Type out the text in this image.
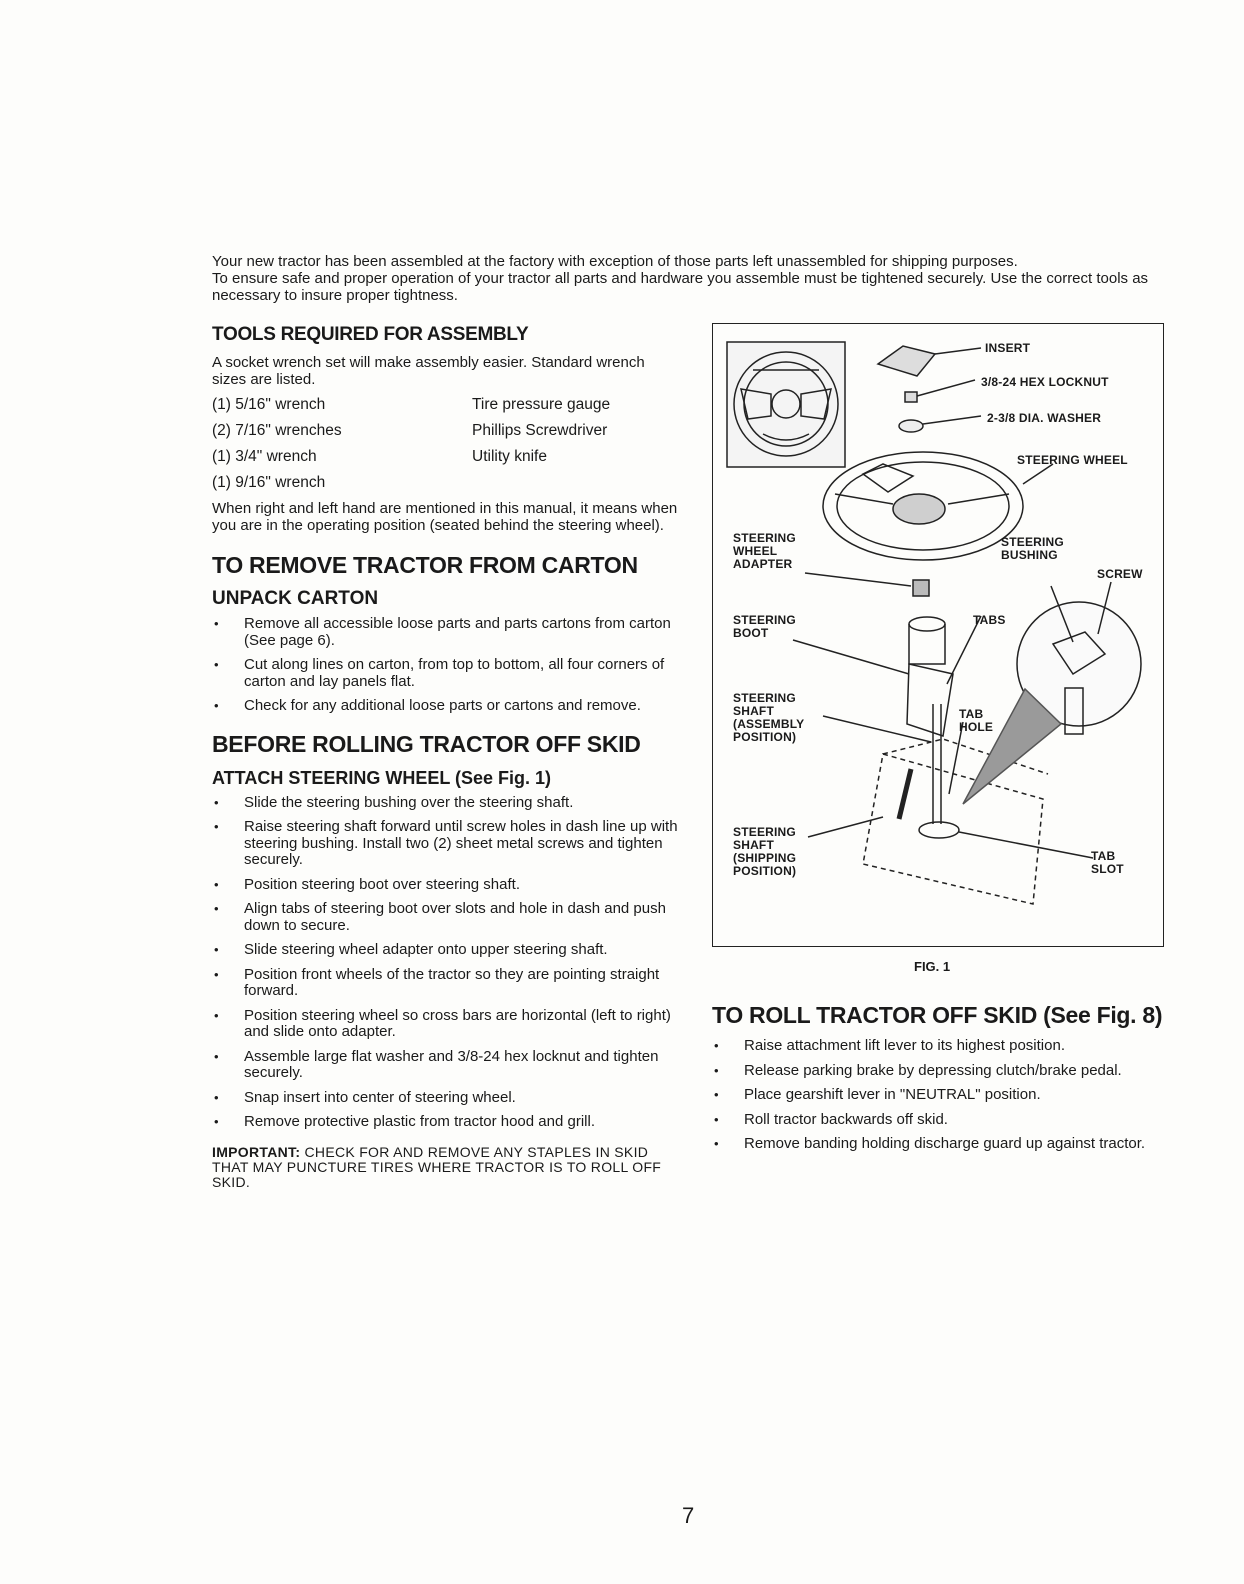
Your new tractor has been assembled at the factory with exception of those parts left unassembled for shipping purposes.

To ensure safe and proper operation of your tractor all parts and hardware you assemble must be tightened securely. Use the correct tools as necessary to insure proper tightness.

TOOLS REQUIRED FOR ASSEMBLY

A socket wrench set will make assembly easier. Standard wrench sizes are listed.

(1) 5/16" wrench	Tire pressure gauge
(2) 7/16" wrenches	Phillips Screwdriver
(1) 3/4" wrench	Utility knife
(1) 9/16" wrench

When right and left hand are mentioned in this manual, it means when you are in the operating position (seated behind the steering wheel).

TO REMOVE TRACTOR FROM CARTON
UNPACK CARTON
• Remove all accessible loose parts and parts cartons from carton (See page 6).
• Cut along lines on carton, from top to bottom, all four corners of carton and lay panels flat.
• Check for any additional loose parts or cartons and remove.
BEFORE ROLLING TRACTOR OFF SKID
ATTACH STEERING WHEEL (See Fig. 1)
• Slide the steering bushing over the steering shaft.
• Raise steering shaft forward until screw holes in dash line up with steering bushing. Install two (2) sheet metal screws and tighten securely.
• Position steering boot over steering shaft.
• Align tabs of steering boot over slots and hole in dash and push down to secure.
• Slide steering wheel adapter onto upper steering shaft.
• Position front wheels of the tractor so they are pointing straight forward.
• Position steering wheel so cross bars are horizontal (left to right) and slide onto adapter.
• Assemble large flat washer and 3/8-24 hex locknut and tighten securely.
• Snap insert into center of steering wheel.
• Remove protective plastic from tractor hood and grill.

IMPORTANT: CHECK FOR AND REMOVE ANY STAPLES IN SKID THAT MAY PUNCTURE TIRES WHERE TRACTOR IS TO ROLL OFF SKID.

INSERT
3/8-24 HEX LOCKNUT
2-3/8 DIA. WASHER
STEERING WHEEL
STEERING
WHEEL
ADAPTER
STEERING
BUSHING
SCREW
STEERING
BOOT
TABS
STEERING
SHAFT
(ASSEMBLY
POSITION)
TAB
HOLE
STEERING
SHAFT
(SHIPPING
POSITION)
TAB
SLOT
FIG. 1
TO ROLL TRACTOR OFF SKID (See Fig. 8)
• Raise attachment lift lever to its highest position.
• Release parking brake by depressing clutch/brake pedal.
• Place gearshift lever in "NEUTRAL" position.
• Roll tractor backwards off skid.
• Remove banding holding discharge guard up against tractor.
7
